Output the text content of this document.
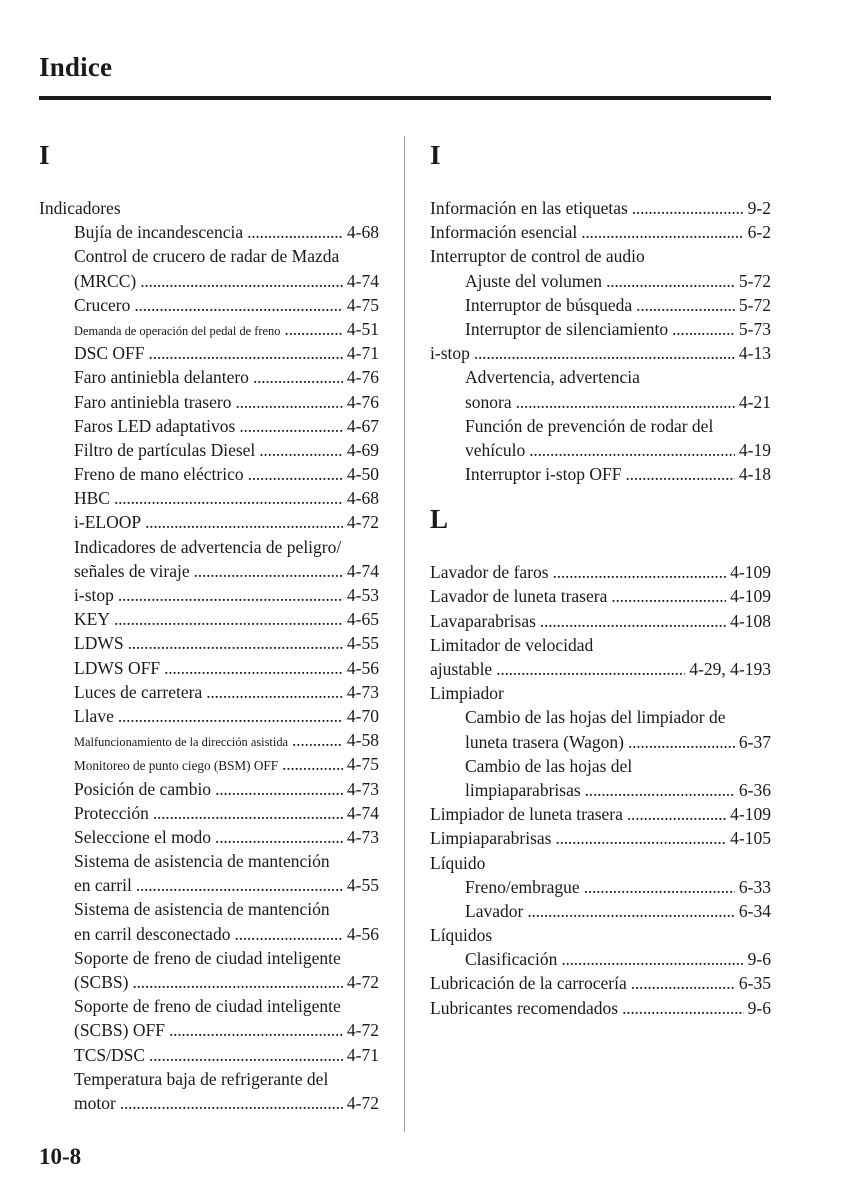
Indice
I
Indicadores
Bujía de incandescencia . . .	4-68
Control de crucero de radar de Mazda
(MRCC) . . .	4-74
Crucero . . .	4-75
Demanda de operación del pedal de freno . . .	4-51
DSC OFF . . .	4-71
Faro antiniebla delantero . . .	4-76
Faro antiniebla trasero . . .	4-76
Faros LED adaptativos . . .	4-67
Filtro de partículas Diesel . . .	4-69
Freno de mano eléctrico . . .	4-50
HBC . . .	4-68
i-ELOOP . . .	4-72
Indicadores de advertencia de peligro/
señales de viraje . . .	4-74
i-stop . . .	4-53
KEY . . .	4-65
LDWS . . .	4-55
LDWS OFF . . .	4-56
Luces de carretera . . .	4-73
Llave . . .	4-70
Malfuncionamiento de la dirección asistida . . .	4-58
Monitoreo de punto ciego (BSM) OFF . . .	4-75
Posición de cambio . . .	4-73
Protección . . .	4-74
Seleccione el modo . . .	4-73
Sistema de asistencia de mantención
en carril . . .	4-55
Sistema de asistencia de mantención
en carril desconectado . . .	4-56
Soporte de freno de ciudad inteligente
(SCBS) . . .	4-72
Soporte de freno de ciudad inteligente
(SCBS) OFF . . .	4-72
TCS/DSC . . .	4-71
Temperatura baja de refrigerante del
motor . . .	4-72
I
Información en las etiquetas . . .	9-2
Información esencial . . .	6-2
Interruptor de control de audio
Ajuste del volumen . . .	5-72
Interruptor de búsqueda . . .	5-72
Interruptor de silenciamiento . . .	5-73
i-stop . . .	4-13
Advertencia, advertencia
sonora . . .	4-21
Función de prevención de rodar del
vehículo . . .	4-19
Interruptor i-stop OFF . . .	4-18
L
Lavador de faros . . .	4-109
Lavador de luneta trasera . . .	4-109
Lavaparabrisas . . .	4-108
Limitador de velocidad
ajustable . . .	4-29, 4-193
Limpiador
Cambio de las hojas del limpiador de
luneta trasera (Wagon) . . .	6-37
Cambio de las hojas del
limpiaparabrisas . . .	6-36
Limpiador de luneta trasera . . .	4-109
Limpiaparabrisas . . .	4-105
Líquido
Freno/embrague . . .	6-33
Lavador . . .	6-34
Líquidos
Clasificación . . .	9-6
Lubricación de la carrocería . . .	6-35
Lubricantes recomendados . . .	9-6
10-8
